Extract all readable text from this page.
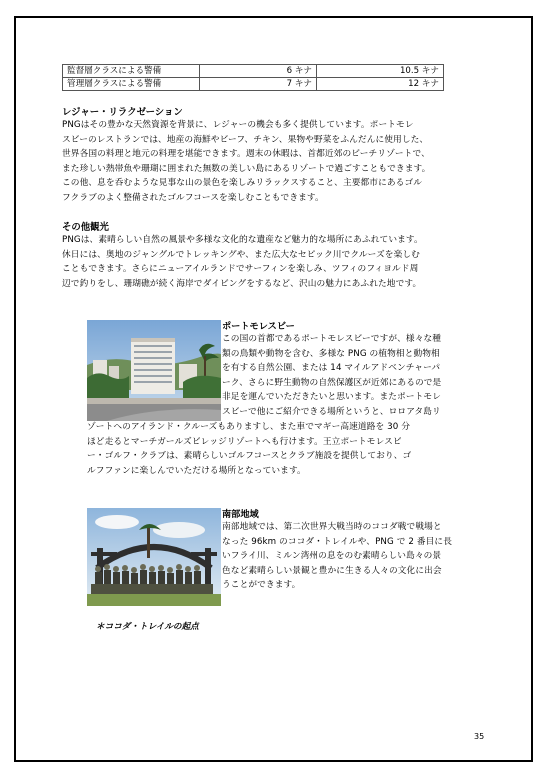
監督層クラスによる警備	6 キナ	10.5 キナ
管理層クラスによる警備	7 キナ	12 キナ
レジャー・リラクゼーション
PNGはその豊かな天然資源を背景に、レジャーの機会も多く提供しています。ポートモレ
スビーのレストランでは、地産の海鮮やビーフ、チキン、果物や野菜をふんだんに使用した、
世界各国の料理と地元の料理を堪能できます。週末の休暇は、首都近郊のビーチリゾートで、
また珍しい熱帯魚や珊瑚に囲まれた無数の美しい島にあるリゾートで過ごすこともできます。
この他、息を呑むような見事な山の景色を楽しみリラックスすること、主要都市にあるゴル
フクラブのよく整備されたゴルフコースを楽しむこともできます。
その他観光
PNGは、素晴らしい自然の風景や多様な文化的な遺産など魅力的な場所にあふれています。
休日には、奥地のジャングルでトレッキングや、また広大なセピック川でクルーズを楽しむ
こともできます。さらにニューアイルランドでサーフィンを楽しみ、ツフィのフィヨルド周
辺で釣りをし、珊瑚礁が続く海岸でダイビングをするなど、沢山の魅力にあふれた地です。
ポートモレスビー
この国の首都であるポートモレスビーですが、様々な種
類の鳥類や動物を含む、多様な PNG の植物相と動物相
を有する自然公園、または 14 マイルアドベンチャーパ
ーク、さらに野生動物の自然保護区が近郊にあるので是
非足を運んでいただきたいと思います。またポートモレ
スビーで他にご紹介できる場所というと、ロロアタ島リ
ゾートへのアイランド・クルーズもありますし、また車でマギー高速道路を 30 分
ほど走るとマーチガールズビレッジリゾートへも行けます。王立ポートモレスビ
ー・ゴルフ・クラブは、素晴らしいゴルフコースとクラブ施設を提供しており、ゴ
ルフファンに楽しんでいただける場所となっています。
南部地域
南部地域では、第二次世界大戦当時のココダ戦で戦場と
なった 96km のココダ・トレイルや、PNG で 2 番目に長
いフライ川、ミルン湾州の息をのむ素晴らしい島々の景
色など素晴らしい景観と豊かに生きる人々の文化に出会
うことができます。
＊ココダ・トレイルの起点
35
